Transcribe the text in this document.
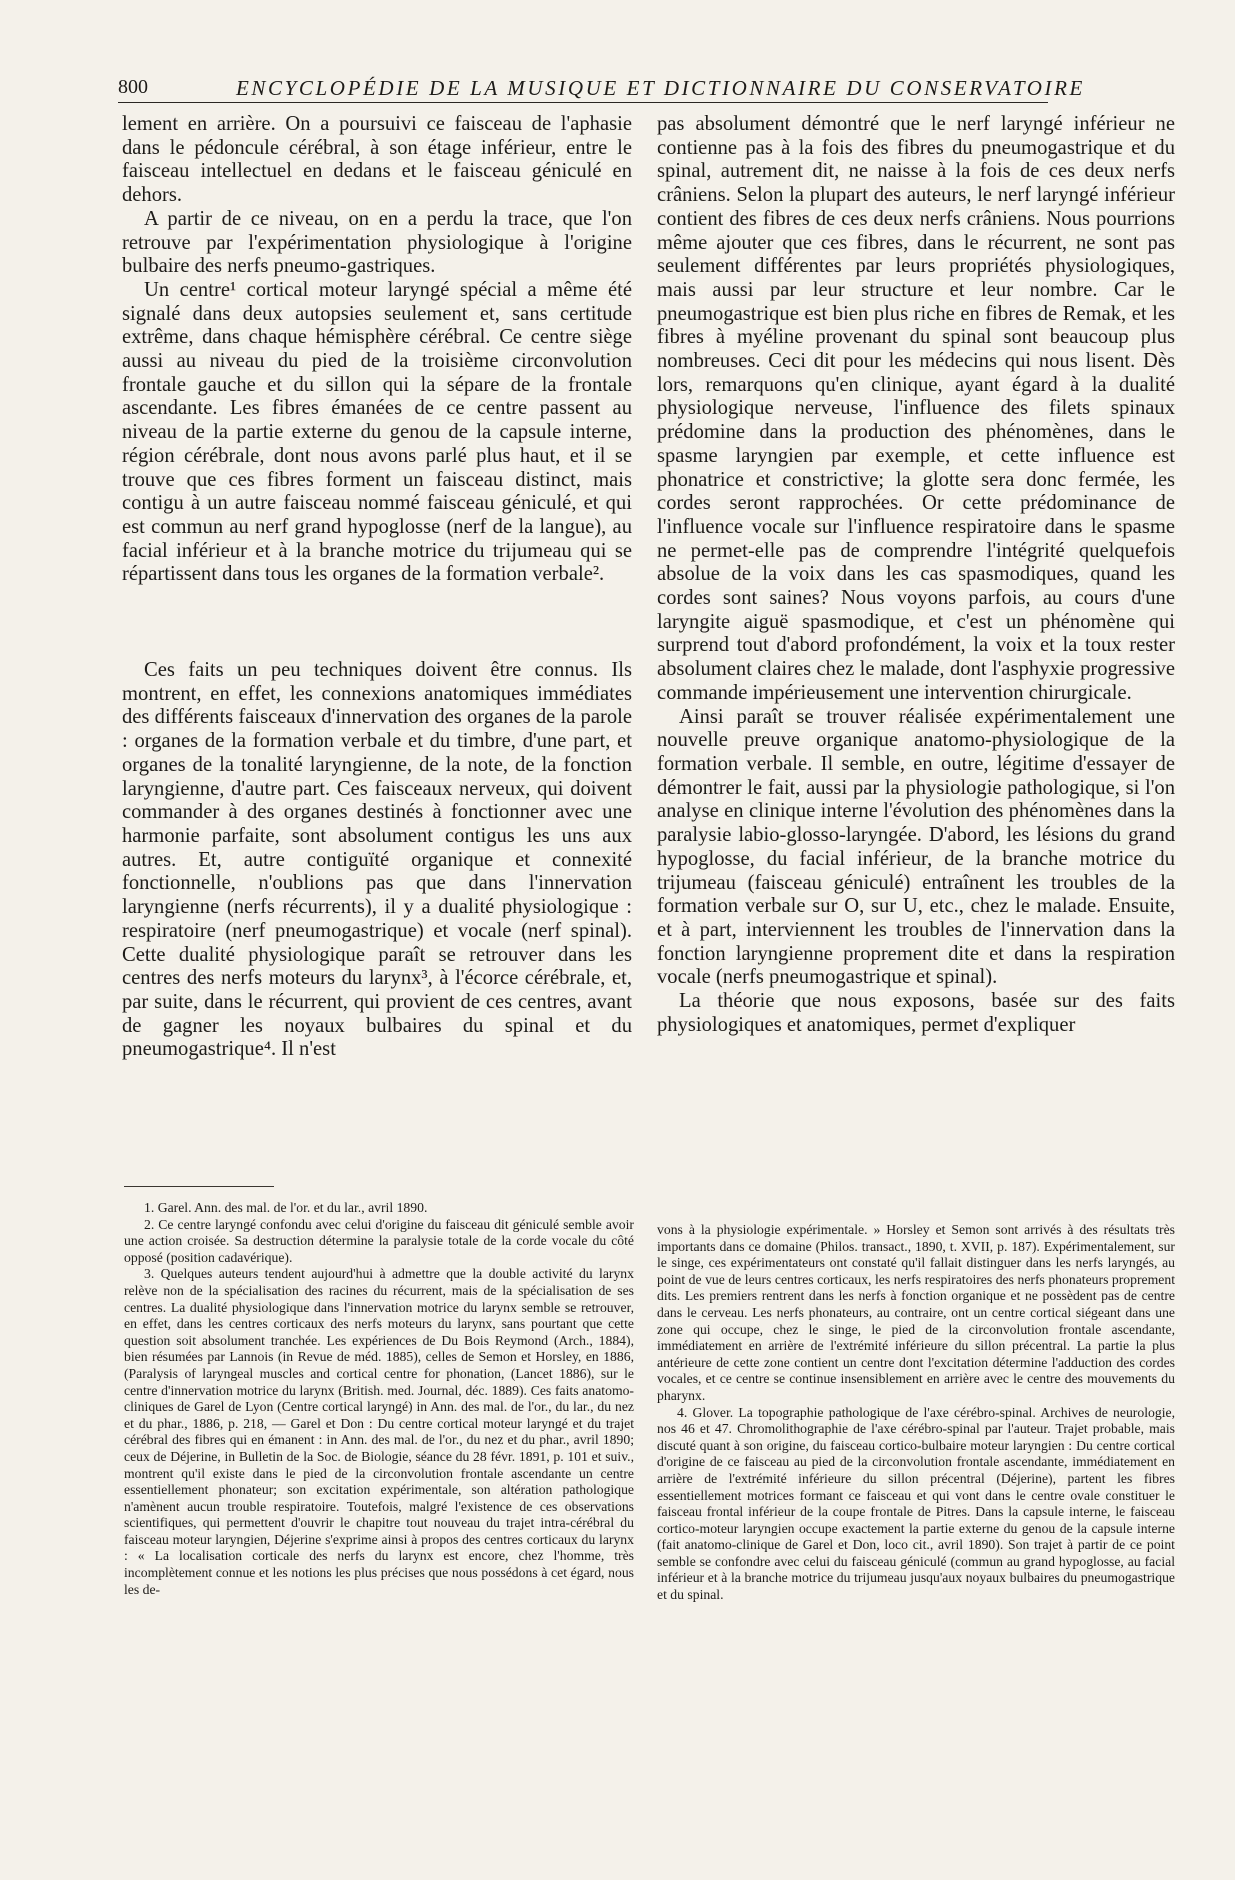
800	ENCYCLOPÉDIE DE LA MUSIQUE ET DICTIONNAIRE DU CONSERVATOIRE

lement en arrière. On a poursuivi ce faisceau de l'aphasie dans le pédoncule cérébral, à son étage inférieur, entre le faisceau intellectuel en dedans et le faisceau géniculé en dehors.

A partir de ce niveau, on en a perdu la trace, que l'on retrouve par l'expérimentation physiologique à l'origine bulbaire des nerfs pneumo-gastriques.

Un centre¹ cortical moteur laryngé spécial a même été signalé dans deux autopsies seulement et, sans certitude extrême, dans chaque hémisphère cérébral. Ce centre siège aussi au niveau du pied de la troisième circonvolution frontale gauche et du sillon qui la sépare de la frontale ascendante. Les fibres émanées de ce centre passent au niveau de la partie externe du genou de la capsule interne, région cérébrale, dont nous avons parlé plus haut, et il se trouve que ces fibres forment un faisceau distinct, mais contigu à un autre faisceau nommé faisceau géniculé, et qui est commun au nerf grand hypoglosse (nerf de la langue), au facial inférieur et à la branche motrice du trijumeau qui se répartissent dans tous les organes de la formation verbale².

Ces faits un peu techniques doivent être connus. Ils montrent, en effet, les connexions anatomiques immédiates des différents faisceaux d'innervation des organes de la parole : organes de la formation verbale et du timbre, d'une part, et organes de la tonalité laryngienne, de la note, de la fonction laryngienne, d'autre part. Ces faisceaux nerveux, qui doivent commander à des organes destinés à fonctionner avec une harmonie parfaite, sont absolument contigus les uns aux autres. Et, autre contiguïté organique et connexité fonctionnelle, n'oublions pas que dans l'innervation laryngienne (nerfs récurrents), il y a dualité physiologique : respiratoire (nerf pneumogastrique) et vocale (nerf spinal). Cette dualité physiologique paraît se retrouver dans les centres des nerfs moteurs du larynx³, à l'écorce cérébrale, et, par suite, dans le récurrent, qui provient de ces centres, avant de gagner les noyaux bulbaires du spinal et du pneumogastrique⁴. Il n'est

pas absolument démontré que le nerf laryngé inférieur ne contienne pas à la fois des fibres du pneumogastrique et du spinal, autrement dit, ne naisse à la fois de ces deux nerfs crâniens. Selon la plupart des auteurs, le nerf laryngé inférieur contient des fibres de ces deux nerfs crâniens. Nous pourrions même ajouter que ces fibres, dans le récurrent, ne sont pas seulement différentes par leurs propriétés physiologiques, mais aussi par leur structure et leur nombre. Car le pneumogastrique est bien plus riche en fibres de Remak, et les fibres à myéline provenant du spinal sont beaucoup plus nombreuses. Ceci dit pour les médecins qui nous lisent. Dès lors, remarquons qu'en clinique, ayant égard à la dualité physiologique nerveuse, l'influence des filets spinaux prédomine dans la production des phénomènes, dans le spasme laryngien par exemple, et cette influence est phonatrice et constrictive; la glotte sera donc fermée, les cordes seront rapprochées. Or cette prédominance de l'influence vocale sur l'influence respiratoire dans le spasme ne permet-elle pas de comprendre l'intégrité quelquefois absolue de la voix dans les cas spasmodiques, quand les cordes sont saines? Nous voyons parfois, au cours d'une laryngite aiguë spasmodique, et c'est un phénomène qui surprend tout d'abord profondément, la voix et la toux rester absolument claires chez le malade, dont l'asphyxie progressive commande impérieusement une intervention chirurgicale.

Ainsi paraît se trouver réalisée expérimentalement une nouvelle preuve organique anatomo-physiologique de la formation verbale. Il semble, en outre, légitime d'essayer de démontrer le fait, aussi par la physiologie pathologique, si l'on analyse en clinique interne l'évolution des phénomènes dans la paralysie labio-glosso-laryngée. D'abord, les lésions du grand hypoglosse, du facial inférieur, de la branche motrice du trijumeau (faisceau géniculé) entraînent les troubles de la formation verbale sur O, sur U, etc., chez le malade. Ensuite, et à part, interviennent les troubles de l'innervation dans la fonction laryngienne proprement dite et dans la respiration vocale (nerfs pneumogastrique et spinal).

La théorie que nous exposons, basée sur des faits physiologiques et anatomiques, permet d'expliquer

1. Garel. Ann. des mal. de l'or. et du lar., avril 1890.

2. Ce centre laryngé confondu avec celui d'origine du faisceau dit géniculé semble avoir une action croisée. Sa destruction détermine la paralysie totale de la corde vocale du côté opposé (position cadavérique).

3. Quelques auteurs tendent aujourd'hui à admettre que la double activité du larynx relève non de la spécialisation des racines du récurrent, mais de la spécialisation de ses centres. La dualité physiologique dans l'innervation motrice du larynx semble se retrouver, en effet, dans les centres corticaux des nerfs moteurs du larynx, sans pourtant que cette question soit absolument tranchée. Les expériences de Du Bois Reymond (Arch., 1884), bien résumées par Lannois (in Revue de méd. 1885), celles de Semon et Horsley, en 1886, (Paralysis of laryngeal muscles and cortical centre for phonation, (Lancet 1886), sur le centre d'innervation motrice du larynx (British. med. Journal, déc. 1889). Ces faits anatomo-cliniques de Garel de Lyon (Centre cortical laryngé) in Ann. des mal. de l'or., du lar., du nez et du phar., 1886, p. 218, — Garel et Don : Du centre cortical moteur laryngé et du trajet cérébral des fibres qui en émanent : in Ann. des mal. de l'or., du nez et du phar., avril 1890; ceux de Déjerine, in Bulletin de la Soc. de Biologie, séance du 28 févr. 1891, p. 101 et suiv., montrent qu'il existe dans le pied de la circonvolution frontale ascendante un centre essentiellement phonateur; son excitation expérimentale, son altération pathologique n'amènent aucun trouble respiratoire. Toutefois, malgré l'existence de ces observations scientifiques, qui permettent d'ouvrir le chapitre tout nouveau du trajet intra-cérébral du faisceau moteur laryngien, Déjerine s'exprime ainsi à propos des centres corticaux du larynx : « La localisation corticale des nerfs du larynx est encore, chez l'homme, très incomplètement connue et les notions les plus précises que nous possédons à cet égard, nous les de-

vons à la physiologie expérimentale. » Horsley et Semon sont arrivés à des résultats très importants dans ce domaine (Philos. transact., 1890, t. XVII, p. 187). Expérimentalement, sur le singe, ces expérimentateurs ont constaté qu'il fallait distinguer dans les nerfs laryngés, au point de vue de leurs centres corticaux, les nerfs respiratoires des nerfs phonateurs proprement dits. Les premiers rentrent dans les nerfs à fonction organique et ne possèdent pas de centre dans le cerveau. Les nerfs phonateurs, au contraire, ont un centre cortical siégeant dans une zone qui occupe, chez le singe, le pied de la circonvolution frontale ascendante, immédiatement en arrière de l'extrémité inférieure du sillon précentral. La partie la plus antérieure de cette zone contient un centre dont l'excitation détermine l'adduction des cordes vocales, et ce centre se continue insensiblement en arrière avec le centre des mouvements du pharynx.

4. Glover. La topographie pathologique de l'axe cérébro-spinal. Archives de neurologie, nos 46 et 47. Chromolithographie de l'axe cérébro-spinal par l'auteur. Trajet probable, mais discuté quant à son origine, du faisceau cortico-bulbaire moteur laryngien : Du centre cortical d'origine de ce faisceau au pied de la circonvolution frontale ascendante, immédiatement en arrière de l'extrémité inférieure du sillon précentral (Déjerine), partent les fibres essentiellement motrices formant ce faisceau et qui vont dans le centre ovale constituer le faisceau frontal inférieur de la coupe frontale de Pitres. Dans la capsule interne, le faisceau cortico-moteur laryngien occupe exactement la partie externe du genou de la capsule interne (fait anatomo-clinique de Garel et Don, loco cit., avril 1890). Son trajet à partir de ce point semble se confondre avec celui du faisceau géniculé (commun au grand hypoglosse, au facial inférieur et à la branche motrice du trijumeau jusqu'aux noyaux bulbaires du pneumogastrique et du spinal.
